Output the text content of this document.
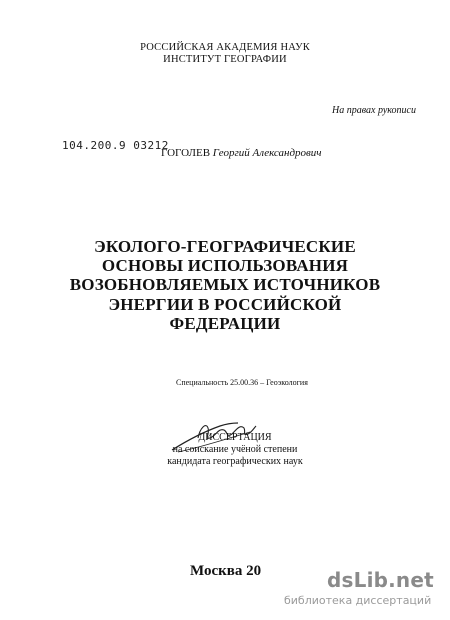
РОССИЙСКАЯ АКАДЕМИЯ НАУК
ИНСТИТУТ ГЕОГРАФИИ
На правах рукописи
104.200.9 03212
ГОГОЛЕВ Георгий Александрович
ЭКОЛОГО-ГЕОГРАФИЧЕСКИЕ
ОСНОВЫ ИСПОЛЬЗОВАНИЯ
ВОЗОБНОВЛЯЕМЫХ ИСТОЧНИКОВ
ЭНЕРГИИ В РОССИЙСКОЙ
ФЕДЕРАЦИИ
Специальность 25.00.36 – Геоэкология
ДИССЕРТАЦИЯ
на соискание учёной степени
кандидата географических наук
Москва 20	dsLib.net
библиотека диссертаций
